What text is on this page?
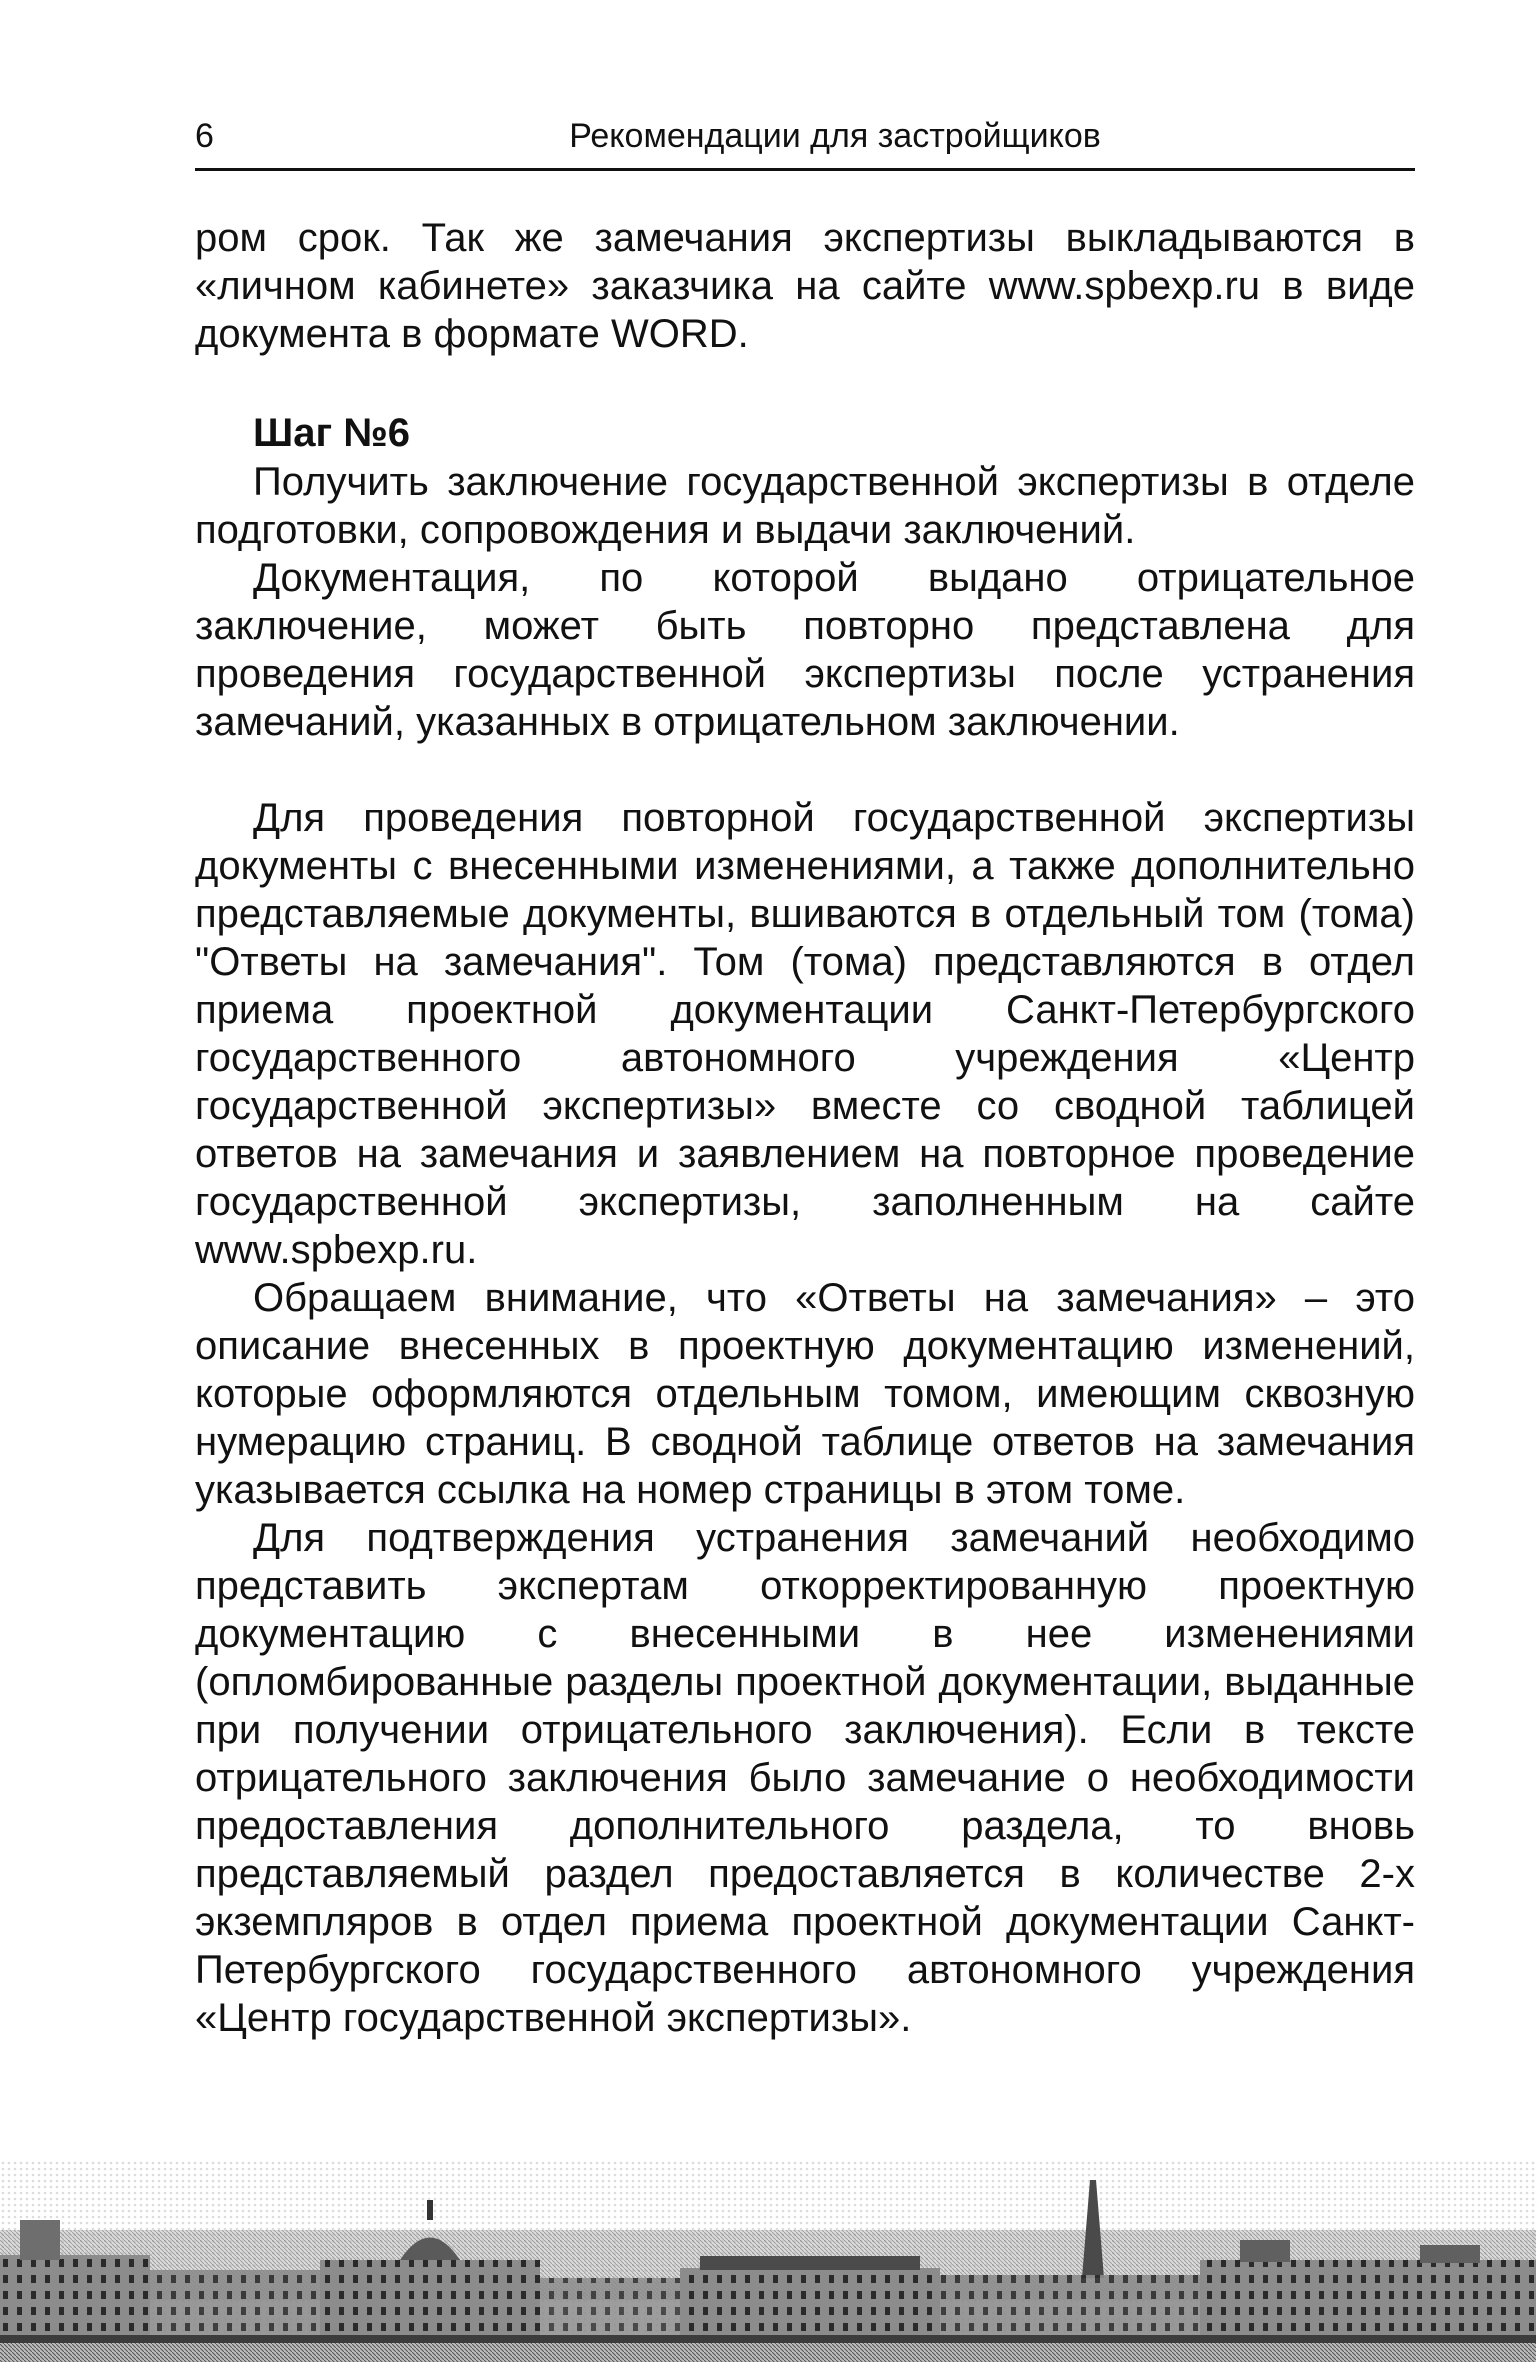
6	Рекомендации для застройщиков

ром срок. Так же замечания экспертизы выкладываются в «личном кабинете» заказчика на сайте www.spbexp.ru в виде документа в формате WORD.

Шаг №6

Получить заключение государственной экспертизы в отделе подготовки, сопровождения и выдачи заключений.

Документация, по которой выдано отрицательное заключение, может быть повторно представлена для проведения государственной экспертизы после устранения замечаний, указанных в отрицательном заключении.

Для проведения повторной государственной экспертизы документы с внесенными изменениями, а также дополнительно представляемые документы, вшиваются в отдельный том (тома) "Ответы на замечания". Том (тома) представляются в отдел приема проектной документации Санкт-Петербургского государственного автономного учреждения «Центр государственной экспертизы» вместе со сводной таблицей ответов на замечания и заявлением на повторное проведение государственной экспертизы, заполненным на сайте www.spbexp.ru.

Обращаем внимание, что «Ответы на замечания» – это описание внесенных в проектную документацию изменений, которые оформляются отдельным томом, имеющим сквозную нумерацию страниц. В сводной таблице ответов на замечания указывается ссылка на номер страницы в этом томе.

Для подтверждения устранения замечаний необходимо представить экспертам откорректированную проектную документацию с внесенными в нее изменениями (опломбированные разделы проектной документации, выданные при получении отрицательного заключения). Если в тексте отрицательного заключения было замечание о необходимости предоставления дополнительного раздела, то вновь представляемый раздел предоставляется в количестве 2-х экземпляров в отдел приема проектной документации Санкт-Петербургского государственного автономного учреждения «Центр государственной экспертизы».
